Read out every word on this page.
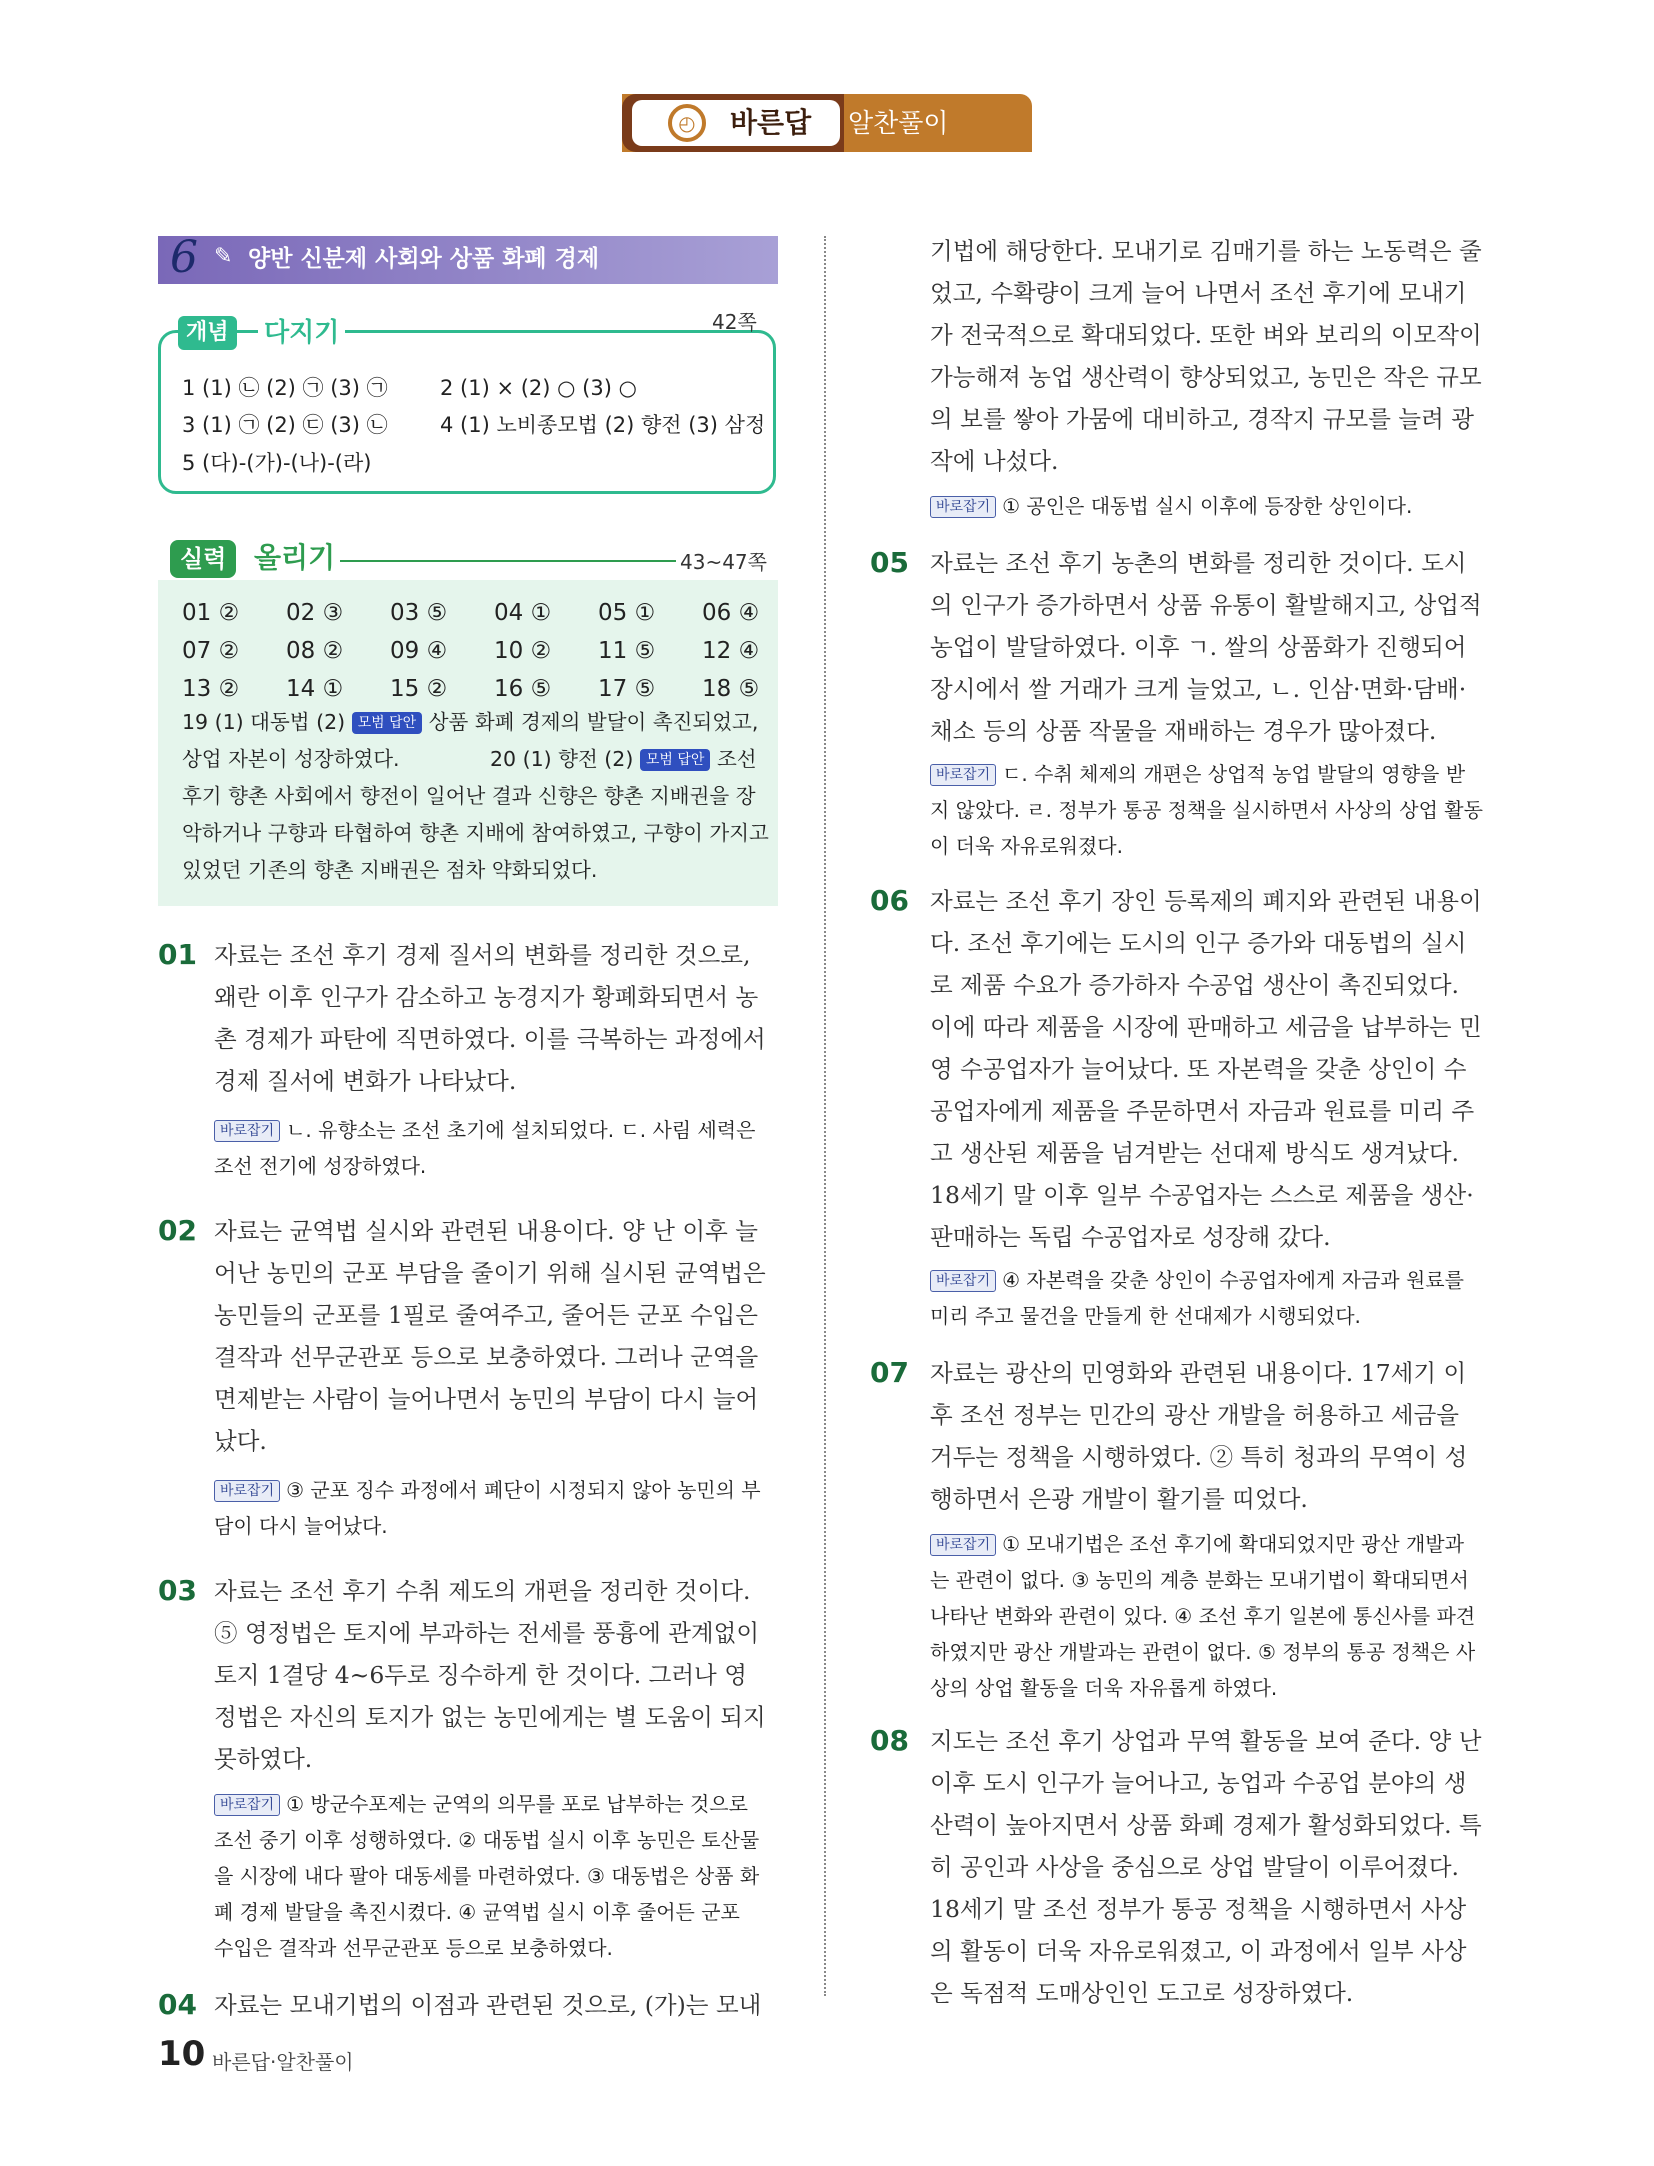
◴	바른답 알찬풀이
6 ✎ 양반 신분제 사회와 상품 화폐 경제
개념	다지기	42쪽
1 (1) ㉡ (2) ㉠ (3) ㉠ 2 (1) × (2) ○ (3) ○
3 (1) ㉠ (2) ㉢ (3) ㉡ 4 (1) 노비종모법 (2) 향전 (3) 삼정
5 (다)-(가)-(나)-(라)
실력 올리기	43~47쪽
01 ② 02 ③ 03 ⑤ 04 ① 05 ① 06 ④
07 ② 08 ② 09 ④ 10 ② 11 ⑤ 12 ④
13 ② 14 ① 15 ② 16 ⑤ 17 ⑤ 18 ⑤
19 (1) 대동법 (2) 모범 답안 상품 화폐 경제의 발달이 촉진되었고,
상업 자본이 성장하였다.	20 (1) 향전 (2) 모범 답안 조선
후기 향촌 사회에서 향전이 일어난 결과 신향은 향촌 지배권을 장
악하거나 구향과 타협하여 향촌 지배에 참여하였고, 구향이 가지고
있었던 기존의 향촌 지배권은 점차 약화되었다.
01 자료는 조선 후기 경제 질서의 변화를 정리한 것으로,
왜란 이후 인구가 감소하고 농경지가 황폐화되면서 농
촌 경제가 파탄에 직면하였다. 이를 극복하는 과정에서
경제 질서에 변화가 나타났다.
바로잡기 ㄴ. 유향소는 조선 초기에 설치되었다. ㄷ. 사림 세력은
조선 전기에 성장하였다.
02 자료는 균역법 실시와 관련된 내용이다. 양 난 이후 늘
어난 농민의 군포 부담을 줄이기 위해 실시된 균역법은
농민들의 군포를 1필로 줄여주고, 줄어든 군포 수입은
결작과 선무군관포 등으로 보충하였다. 그러나 군역을
면제받는 사람이 늘어나면서 농민의 부담이 다시 늘어
났다.
바로잡기 ③ 군포 징수 과정에서 폐단이 시정되지 않아 농민의 부
담이 다시 늘어났다.
03 자료는 조선 후기 수취 제도의 개편을 정리한 것이다.
⑤ 영정법은 토지에 부과하는 전세를 풍흉에 관계없이
토지 1결당 4~6두로 징수하게 한 것이다. 그러나 영
정법은 자신의 토지가 없는 농민에게는 별 도움이 되지
못하였다.
바로잡기 ① 방군수포제는 군역의 의무를 포로 납부하는 것으로
조선 중기 이후 성행하였다. ② 대동법 실시 이후 농민은 토산물
을 시장에 내다 팔아 대동세를 마련하였다. ③ 대동법은 상품 화
폐 경제 발달을 촉진시켰다. ④ 균역법 실시 이후 줄어든 군포
수입은 결작과 선무군관포 등으로 보충하였다.
04 자료는 모내기법의 이점과 관련된 것으로, (가)는 모내
기법에 해당한다. 모내기로 김매기를 하는 노동력은 줄
었고, 수확량이 크게 늘어 나면서 조선 후기에 모내기
가 전국적으로 확대되었다. 또한 벼와 보리의 이모작이
가능해져 농업 생산력이 향상되었고, 농민은 작은 규모
의 보를 쌓아 가뭄에 대비하고, 경작지 규모를 늘려 광
작에 나섰다.
바로잡기 ① 공인은 대동법 실시 이후에 등장한 상인이다.
05 자료는 조선 후기 농촌의 변화를 정리한 것이다. 도시
의 인구가 증가하면서 상품 유통이 활발해지고, 상업적
농업이 발달하였다. 이후 ㄱ. 쌀의 상품화가 진행되어
장시에서 쌀 거래가 크게 늘었고, ㄴ. 인삼·면화·담배·
채소 등의 상품 작물을 재배하는 경우가 많아졌다.
바로잡기 ㄷ. 수취 체제의 개편은 상업적 농업 발달의 영향을 받
지 않았다. ㄹ. 정부가 통공 정책을 실시하면서 사상의 상업 활동
이 더욱 자유로워졌다.
06 자료는 조선 후기 장인 등록제의 폐지와 관련된 내용이
다. 조선 후기에는 도시의 인구 증가와 대동법의 실시
로 제품 수요가 증가하자 수공업 생산이 촉진되었다.
이에 따라 제품을 시장에 판매하고 세금을 납부하는 민
영 수공업자가 늘어났다. 또 자본력을 갖춘 상인이 수
공업자에게 제품을 주문하면서 자금과 원료를 미리 주
고 생산된 제품을 넘겨받는 선대제 방식도 생겨났다.
18세기 말 이후 일부 수공업자는 스스로 제품을 생산·
판매하는 독립 수공업자로 성장해 갔다.
바로잡기 ④ 자본력을 갖춘 상인이 수공업자에게 자금과 원료를
미리 주고 물건을 만들게 한 선대제가 시행되었다.
07 자료는 광산의 민영화와 관련된 내용이다. 17세기 이
후 조선 정부는 민간의 광산 개발을 허용하고 세금을
거두는 정책을 시행하였다. ② 특히 청과의 무역이 성
행하면서 은광 개발이 활기를 띠었다.
바로잡기 ① 모내기법은 조선 후기에 확대되었지만 광산 개발과
는 관련이 없다. ③ 농민의 계층 분화는 모내기법이 확대되면서
나타난 변화와 관련이 있다. ④ 조선 후기 일본에 통신사를 파견
하였지만 광산 개발과는 관련이 없다. ⑤ 정부의 통공 정책은 사
상의 상업 활동을 더욱 자유롭게 하였다.
08 지도는 조선 후기 상업과 무역 활동을 보여 준다. 양 난
이후 도시 인구가 늘어나고, 농업과 수공업 분야의 생
산력이 높아지면서 상품 화폐 경제가 활성화되었다. 특
히 공인과 사상을 중심으로 상업 발달이 이루어졌다.
18세기 말 조선 정부가 통공 정책을 시행하면서 사상
의 활동이 더욱 자유로워졌고, 이 과정에서 일부 사상
은 독점적 도매상인인 도고로 성장하였다.
10 바른답·알찬풀이
